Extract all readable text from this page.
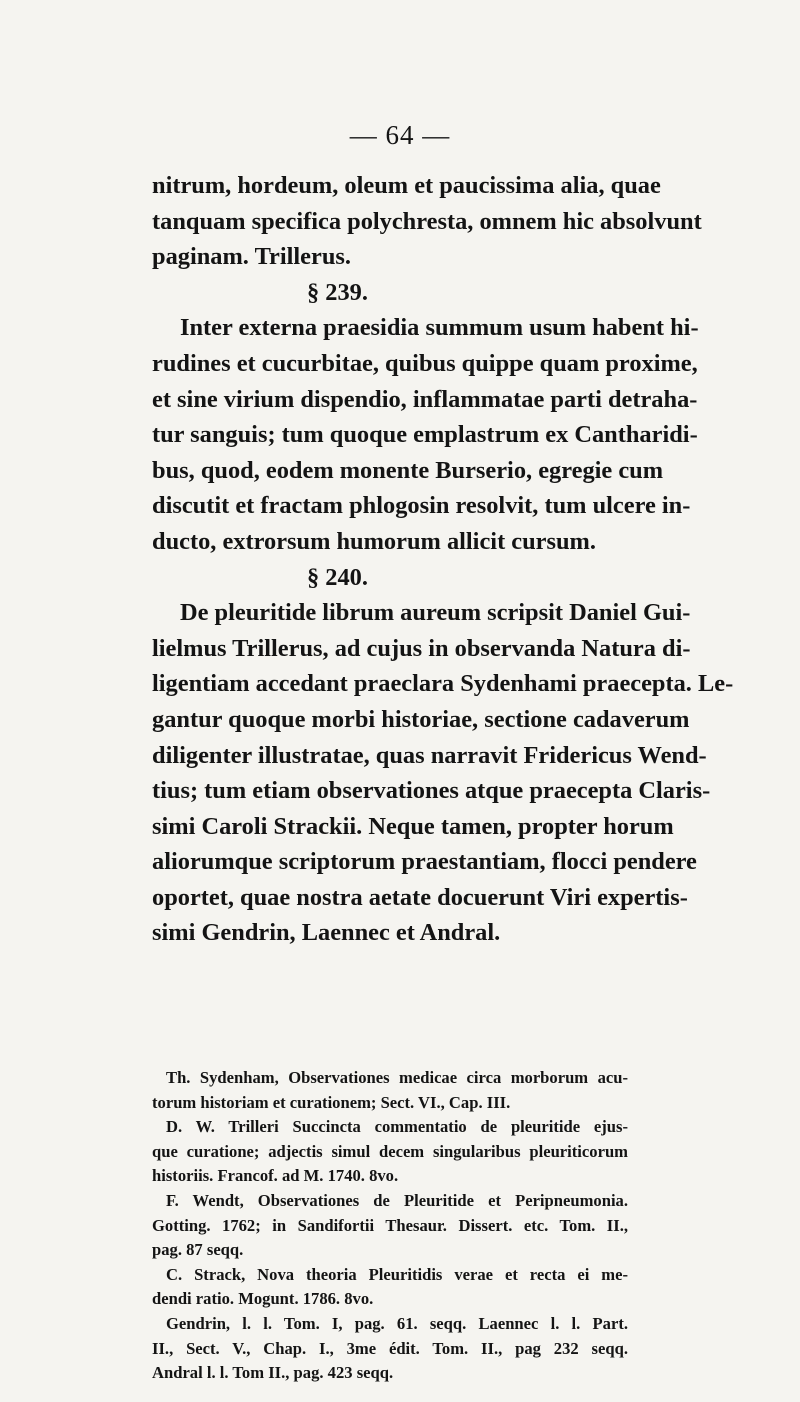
— 64 —
nitrum, hordeum, oleum et paucissima alia, quae
tanquam specifica polychresta, omnem hic absolvunt
paginam. Trillerus.
§ 239.
Inter externa praesidia summum usum habent hi-
rudines et cucurbitae, quibus quippe quam proxime,
et sine virium dispendio, inflammatae parti detraha-
tur sanguis; tum quoque emplastrum ex Cantharidi-
bus, quod, eodem monente Burserio, egregie cum
discutit et fractam phlogosin resolvit, tum ulcere in-
ducto, extrorsum humorum allicit cursum.
§ 240.
De pleuritide librum aureum scripsit Daniel Gui-
lielmus Trillerus, ad cujus in observanda Natura di-
ligentiam accedant praeclara Sydenhami praecepta. Le-
gantur quoque morbi historiae, sectione cadaverum
diligenter illustratae, quas narravit Fridericus Wend-
tius; tum etiam observationes atque praecepta Claris-
simi Caroli Strackii. Neque tamen, propter horum
aliorumque scriptorum praestantiam, flocci pendere
oportet, quae nostra aetate docuerunt Viri expertis-
simi Gendrin, Laennec et Andral.
Th. Sydenham, Observationes medicae circa morborum acu-
torum historiam et curationem; Sect. VI., Cap. III.
D. W. Trilleri Succincta commentatio de pleuritide ejus-
que curatione; adjectis simul decem singularibus pleuriticorum
historiis. Francof. ad M. 1740. 8vo.
F. Wendt, Observationes de Pleuritide et Peripneumonia.
Gotting. 1762; in Sandifortii Thesaur. Dissert. etc. Tom. II.,
pag. 87 seqq.
C. Strack, Nova theoria Pleuritidis verae et recta ei me-
dendi ratio. Mogunt. 1786. 8vo.
Gendrin, l. l. Tom. I, pag. 61. seqq. Laennec l. l. Part.
II., Sect. V., Chap. I., 3me édit. Tom. II., pag 232 seqq.
Andral l. l. Tom II., pag. 423 seqq.
